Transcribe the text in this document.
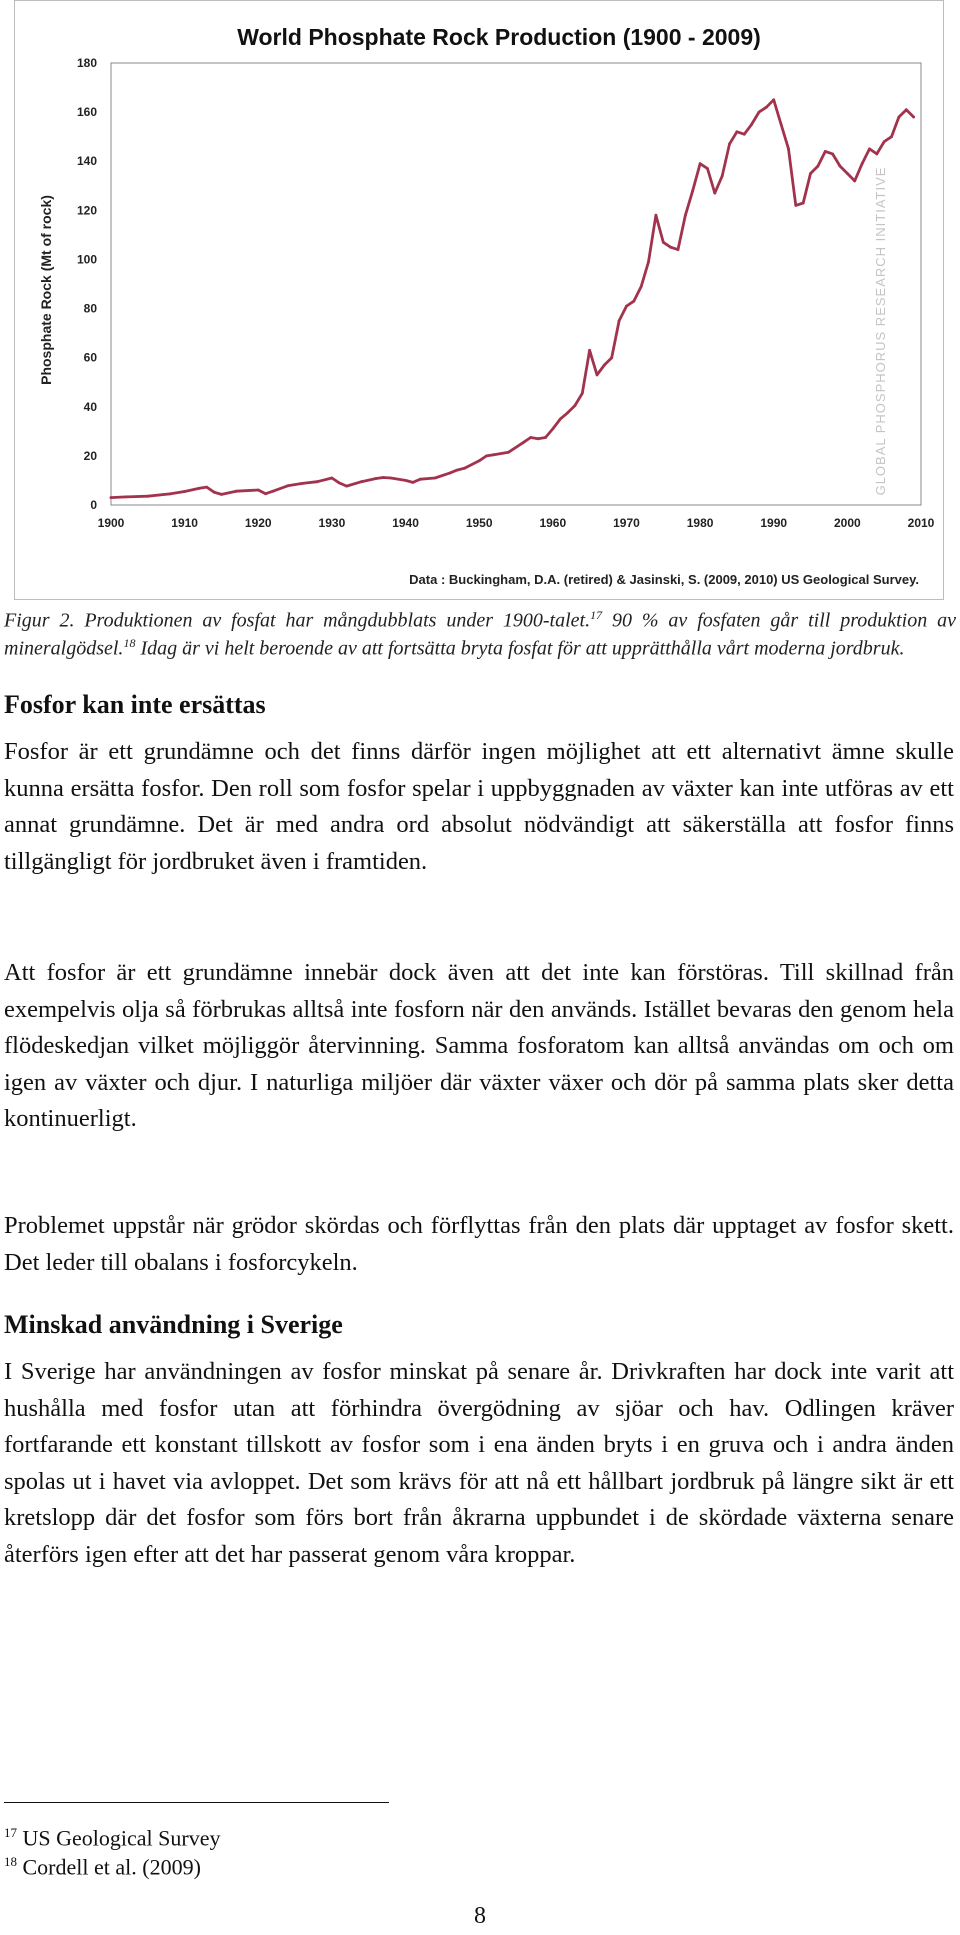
World Phosphate Rock Production (1900 - 2009)
0
20
40
60
80
100
120
140
160
180
1900	1910	1920	1930	1940	1950	1960	1970	1980	1990	2000	2010
Phosphate Rock (Mt of rock)	GLOBAL PHOSPHORUS RESEARCH INITIATIVE
Data : Buckingham, D.A. (retired) & Jasinski, S. (2009, 2010) US Geological Survey.
Figur 2. Produktionen av fosfat har mångdubblats under 1900-talet.$^{17}$ 90 % av fosfaten går till produktion av mineralgödsel.$^{18}$ Idag är vi helt beroende av att fortsätta bryta fosfat för att upprätthålla vårt moderna jordbruk.
Fosfor kan inte ersättas

Fosfor är ett grundämne och det finns därför ingen möjlighet att ett alternativt ämne skulle kunna ersätta fosfor. Den roll som fosfor spelar i uppbyggnaden av växter kan inte utföras av ett annat grundämne. Det är med andra ord absolut nödvändigt att säkerställa att fosfor finns tillgängligt för jordbruket även i framtiden.

Att fosfor är ett grundämne innebär dock även att det inte kan förstöras. Till skillnad från exempelvis olja så förbrukas alltså inte fosforn när den används. Istället bevaras den genom hela flödeskedjan vilket möjliggör återvinning. Samma fosforatom kan alltså användas om och om igen av växter och djur. I naturliga miljöer där växter växer och dör på samma plats sker detta kontinuerligt.

Problemet uppstår när grödor skördas och förflyttas från den plats där upptaget av fosfor skett. Det leder till obalans i fosforcykeln.

Minskad användning i Sverige

I Sverige har användningen av fosfor minskat på senare år. Drivkraften har dock inte varit att hushålla med fosfor utan att förhindra övergödning av sjöar och hav. Odlingen kräver fortfarande ett konstant tillskott av fosfor som i ena änden bryts i en gruva och i andra änden spolas ut i havet via avloppet. Det som krävs för att nå ett hållbart jordbruk på längre sikt är ett kretslopp där det fosfor som förs bort från åkrarna uppbundet i de skördade växterna senare återförs igen efter att det har passerat genom våra kroppar.

$^{17}$ US Geological Survey
$^{18}$ Cordell et al. (2009)
8
